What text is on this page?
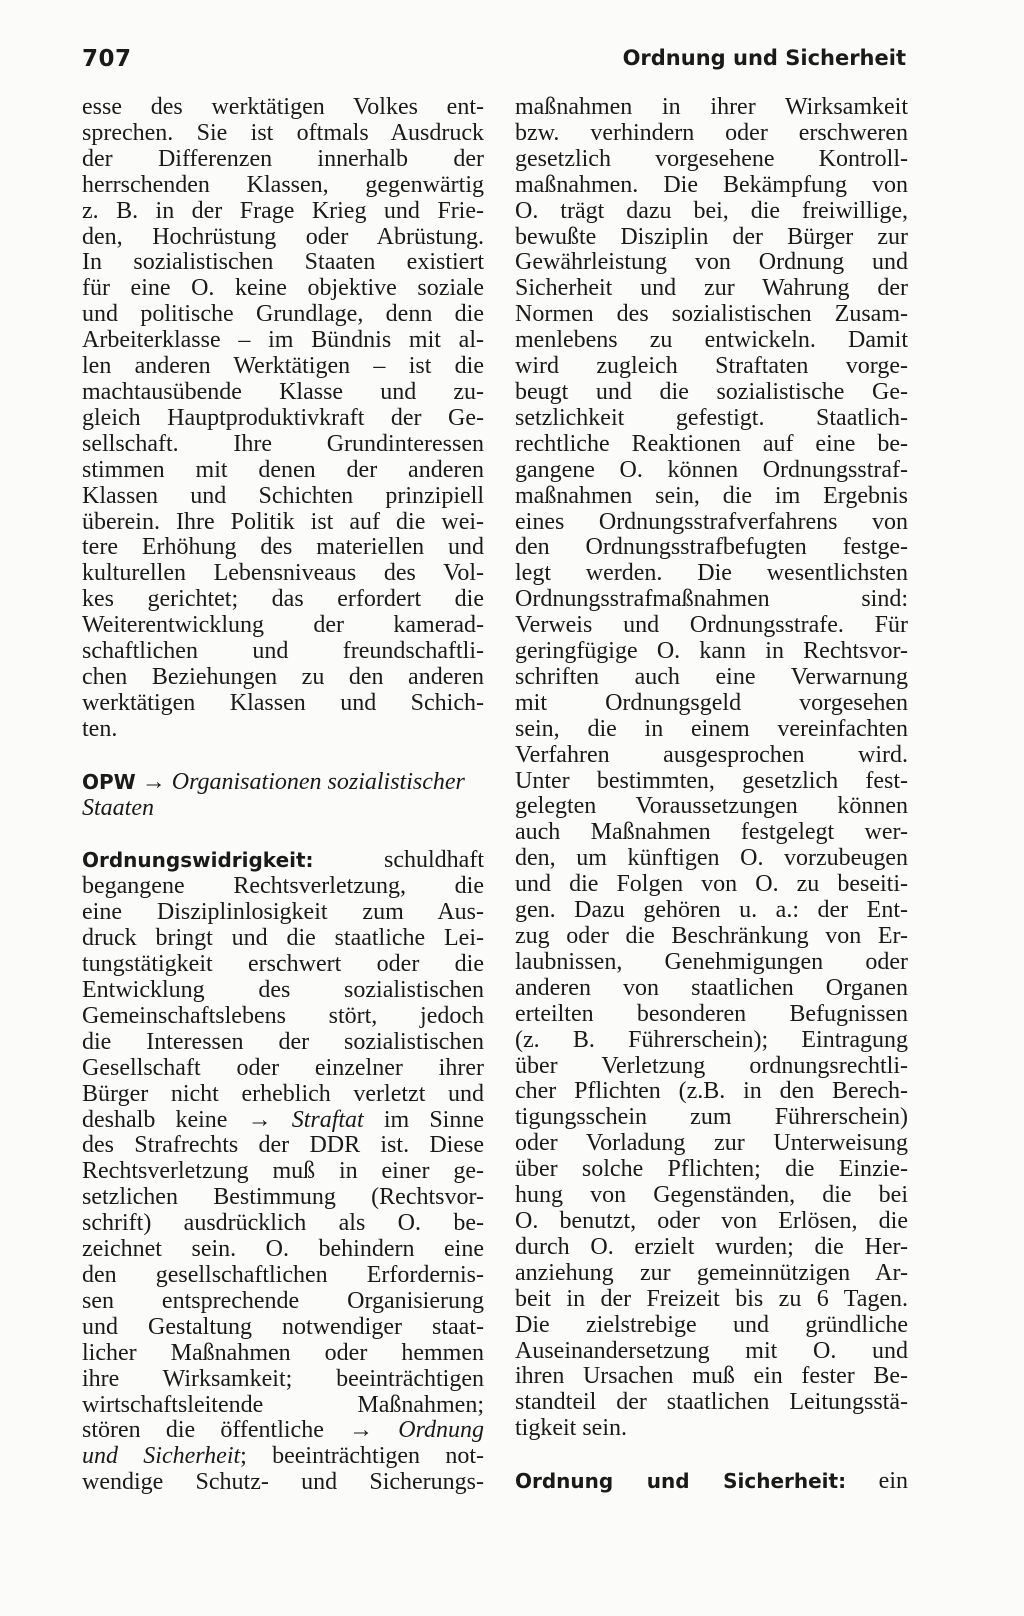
707	Ordnung und Sicherheit
esse des werktätigen Volkes ent-
sprechen. Sie ist oftmals Ausdruck
der Differenzen innerhalb der
herrschenden Klassen, gegenwärtig
z. B. in der Frage Krieg und Frie-
den, Hochrüstung oder Abrüstung.
In sozialistischen Staaten existiert
für eine O. keine objektive soziale
und politische Grundlage, denn die
Arbeiterklasse – im Bündnis mit al-
len anderen Werktätigen – ist die
machtausübende Klasse und zu-
gleich Hauptproduktivkraft der Ge-
sellschaft. Ihre Grundinteressen
stimmen mit denen der anderen
Klassen und Schichten prinzipiell
überein. Ihre Politik ist auf die wei-
tere Erhöhung des materiellen und
kulturellen Lebensniveaus des Vol-
kes gerichtet; das erfordert die
Weiterentwicklung der kamerad-
schaftlichen und freundschaftli-
chen Beziehungen zu den anderen
werktätigen Klassen und Schich-
ten.
OPW → Organisationen sozialistischer
Staaten
Ordnungswidrigkeit:	schuldhaft
begangene Rechtsverletzung, die
eine Disziplinlosigkeit zum Aus-
druck bringt und die staatliche Lei-
tungstätigkeit erschwert oder die
Entwicklung des sozialistischen
Gemeinschaftslebens stört, jedoch
die Interessen der sozialistischen
Gesellschaft oder einzelner ihrer
Bürger nicht erheblich verletzt und
deshalb keine → Straftat im Sinne
des Strafrechts der DDR ist. Diese
Rechtsverletzung muß in einer ge-
setzlichen Bestimmung (Rechtsvor-
schrift) ausdrücklich als O. be-
zeichnet sein. O. behindern eine
den gesellschaftlichen Erfordernis-
sen entsprechende Organisierung
und Gestaltung notwendiger staat-
licher Maßnahmen oder hemmen
ihre Wirksamkeit; beeinträchtigen
wirtschaftsleitende Maßnahmen;
stören die öffentliche → Ordnung
und Sicherheit; beeinträchtigen not-
wendige Schutz- und Sicherungs-
maßnahmen in ihrer Wirksamkeit
bzw. verhindern oder erschweren
gesetzlich vorgesehene Kontroll-
maßnahmen. Die Bekämpfung von
O. trägt dazu bei, die freiwillige,
bewußte Disziplin der Bürger zur
Gewährleistung von Ordnung und
Sicherheit und zur Wahrung der
Normen des sozialistischen Zusam-
menlebens zu entwickeln. Damit
wird zugleich Straftaten vorge-
beugt und die sozialistische Ge-
setzlichkeit gefestigt. Staatlich-
rechtliche Reaktionen auf eine be-
gangene O. können Ordnungsstraf-
maßnahmen sein, die im Ergebnis
eines Ordnungsstrafverfahrens von
den Ordnungsstrafbefugten festge-
legt werden. Die wesentlichsten
Ordnungsstrafmaßnahmen sind:
Verweis und Ordnungsstrafe. Für
geringfügige O. kann in Rechtsvor-
schriften auch eine Verwarnung
mit Ordnungsgeld vorgesehen
sein, die in einem vereinfachten
Verfahren ausgesprochen wird.
Unter bestimmten, gesetzlich fest-
gelegten Voraussetzungen können
auch Maßnahmen festgelegt wer-
den, um künftigen O. vorzubeugen
und die Folgen von O. zu beseiti-
gen. Dazu gehören u. a.: der Ent-
zug oder die Beschränkung von Er-
laubnissen, Genehmigungen oder
anderen von staatlichen Organen
erteilten besonderen Befugnissen
(z. B. Führerschein); Eintragung
über Verletzung ordnungsrechtli-
cher Pflichten (z.B. in den Berech-
tigungsschein zum Führerschein)
oder Vorladung zur Unterweisung
über solche Pflichten; die Einzie-
hung von Gegenständen, die bei
O. benutzt, oder von Erlösen, die
durch O. erzielt wurden; die Her-
anziehung zur gemeinnützigen Ar-
beit in der Freizeit bis zu 6 Tagen.
Die zielstrebige und gründliche
Auseinandersetzung mit O. und
ihren Ursachen muß ein fester Be-
standteil der staatlichen Leitungsstä-
tigkeit sein.
Ordnung und Sicherheit: ein
